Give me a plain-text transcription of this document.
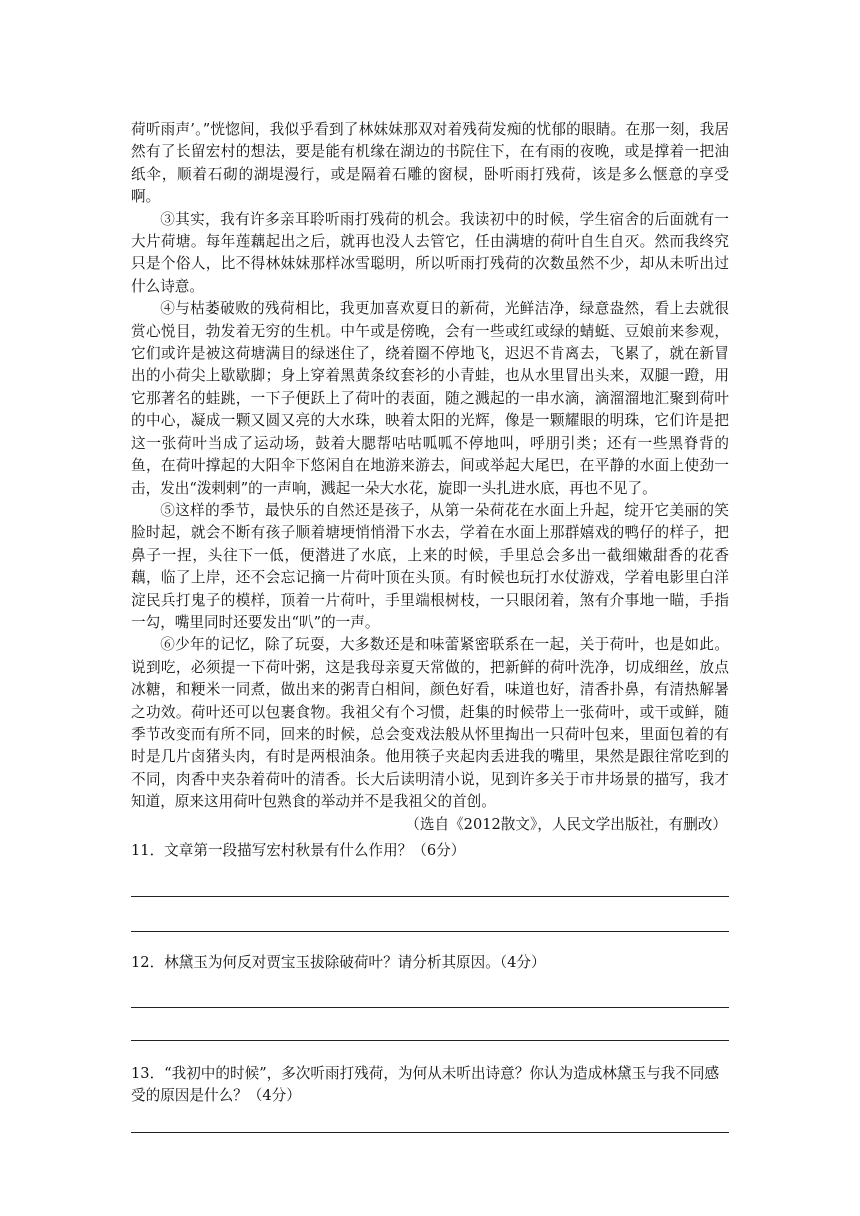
荷听雨声’。”恍惚间，我似乎看到了林妹妹那双对着残荷发痴的忧郁的眼睛。在那一刻，我居然有了长留宏村的想法，要是能有机缘在湖边的书院住下，在有雨的夜晚，或是撑着一把油纸伞，顺着石砌的湖堤漫行，或是隔着石雕的窗棂，卧听雨打残荷，该是多么惬意的享受啊。

③其实，我有许多亲耳聆听雨打残荷的机会。我读初中的时候，学生宿舍的后面就有一大片荷塘。每年莲藕起出之后，就再也没人去管它，任由满塘的荷叶自生自灭。然而我终究只是个俗人，比不得林妹妹那样冰雪聪明，所以听雨打残荷的次数虽然不少，却从未听出过什么诗意。

④与枯萎破败的残荷相比，我更加喜欢夏日的新荷，光鲜洁净，绿意盎然，看上去就很赏心悦目，勃发着无穷的生机。中午或是傍晚，会有一些或红或绿的蜻蜓、豆娘前来参观，它们或许是被这荷塘满目的绿迷住了，绕着圈不停地飞，迟迟不肯离去，飞累了，就在新冒出的小荷尖上歇歇脚；身上穿着黑黄条纹套衫的小青蛙，也从水里冒出头来，双腿一蹬，用它那著名的蛙跳，一下子便跃上了荷叶的表面，随之溅起的一串水滴，滴溜溜地汇聚到荷叶的中心，凝成一颗又圆又亮的大水珠，映着太阳的光辉，像是一颗耀眼的明珠，它们许是把这一张荷叶当成了运动场，鼓着大腮帮咕咕呱呱不停地叫，呼朋引类；还有一些黑脊背的鱼，在荷叶撑起的大阳伞下悠闲自在地游来游去，间或举起大尾巴，在平静的水面上使劲一击，发出“泼剌剌”的一声响，溅起一朵大水花，旋即一头扎进水底，再也不见了。

⑤这样的季节，最快乐的自然还是孩子，从第一朵荷花在水面上升起，绽开它美丽的笑脸时起，就会不断有孩子顺着塘埂悄悄滑下水去，学着在水面上那群嬉戏的鸭仔的样子，把鼻子一捏，头往下一低，便潜进了水底，上来的时候，手里总会多出一截细嫩甜香的花香藕，临了上岸，还不会忘记摘一片荷叶顶在头顶。有时候也玩打水仗游戏，学着电影里白洋淀民兵打鬼子的模样，顶着一片荷叶，手里端根树枝，一只眼闭着，煞有介事地一瞄，手指一勾，嘴里同时还要发出“叭”的一声。

⑥少年的记忆，除了玩耍，大多数还是和味蕾紧密联系在一起，关于荷叶，也是如此。说到吃，必须提一下荷叶粥，这是我母亲夏天常做的，把新鲜的荷叶洗净，切成细丝，放点冰糖，和粳米一同煮，做出来的粥青白相间，颜色好看，味道也好，清香扑鼻，有清热解暑之功效。荷叶还可以包裹食物。我祖父有个习惯，赶集的时候带上一张荷叶，或干或鲜，随季节改变而有所不同，回来的时候，总会变戏法般从怀里掏出一只荷叶包来，里面包着的有时是几片卤猪头肉，有时是两根油条。他用筷子夹起肉丢进我的嘴里，果然是跟往常吃到的不同，肉香中夹杂着荷叶的清香。长大后读明清小说，见到许多关于市井场景的描写，我才知道，原来这用荷叶包熟食的举动并不是我祖父的首创。

（选自《2012散文》，人民文学出版社，有删改）

11．文章第一段描写宏村秋景有什么作用？（6分）

12．林黛玉为何反对贾宝玉拔除破荷叶？请分析其原因。（4分）

13．“我初中的时候”，多次听雨打残荷，为何从未听出诗意？你认为造成林黛玉与我不同感受的原因是什么？（4分）
